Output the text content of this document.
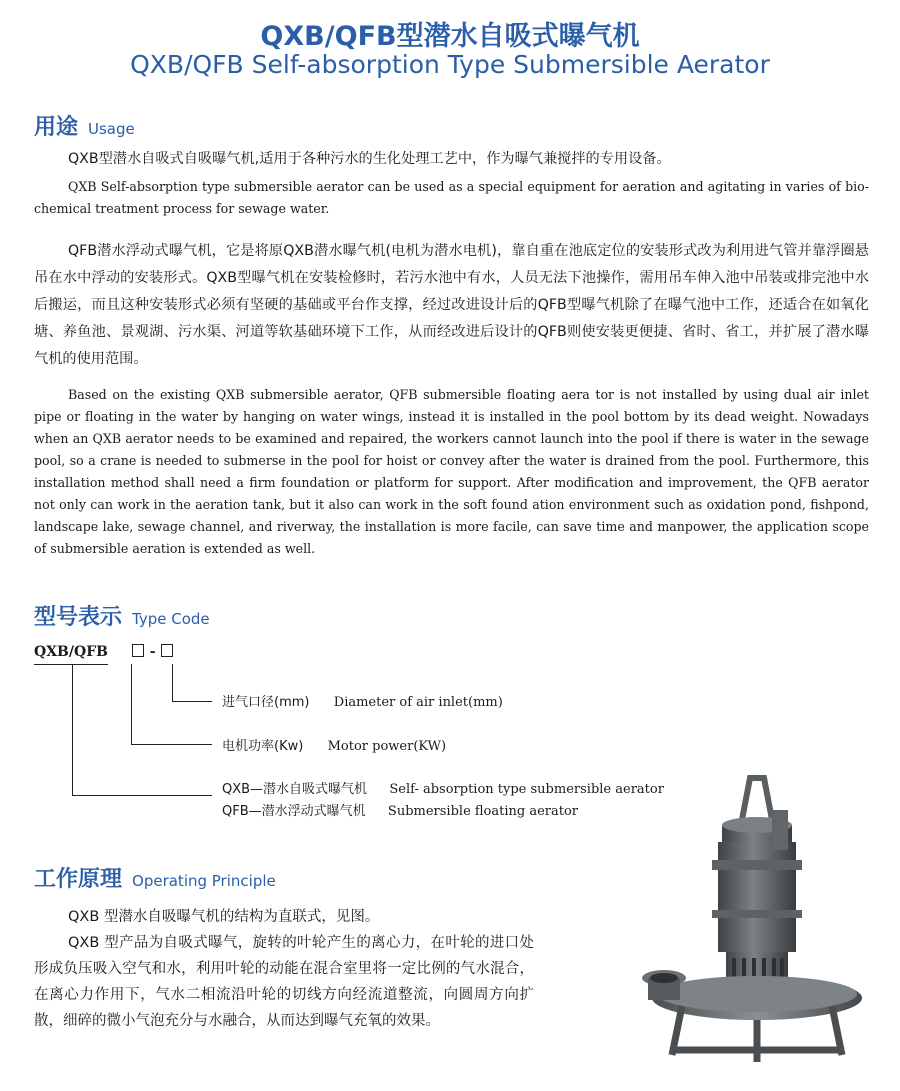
QXB/QFB型潜水自吸式曝气机
QXB/QFB Self-absorption Type Submersible Aerator
用途 Usage

QXB型潜水自吸式自吸曝气机,适用于各种污水的生化处理工艺中，作为曝气兼搅拌的专用设备。

QXB Self-absorption type submersible aerator can be used as a special equipment for aeration and agitating in varies of bio-chemical treatment process for sewage water.

QFB潜水浮动式曝气机，它是将原QXB潜水曝气机(电机为潜水电机)，靠自重在池底定位的安装形式改为利用进气管并靠浮圈悬吊在水中浮动的安装形式。QXB型曝气机在安装检修时，若污水池中有水，人员无法下池操作，需用吊车伸入池中吊装或排完池中水后搬运，而且这种安装形式必须有坚硬的基础或平台作支撑，经过改进设计后的QFB型曝气机除了在曝气池中工作，还适合在如氧化塘、养鱼池、景观湖、污水渠、河道等软基础环境下工作，从而经改进后设计的QFB则使安装更便捷、省时、省工，并扩展了潜水曝气机的使用范围。

Based on the existing QXB submersible aerator, QFB submersible floating aera tor is not installed by using dual air inlet pipe or floating in the water by hanging on water wings, instead it is installed in the pool bottom by its dead weight. Nowadays when an QXB aerator needs to be examined and repaired, the workers cannot launch into the pool if there is water in the sewage pool, so a crane is needed to submerse in the pool for hoist or convey after the water is drained from the pool. Furthermore, this installation method shall need a firm foundation or platform for support. After modification and improvement, the QFB aerator not only can work in the aeration tank, but it also can work in the soft found ation environment such as oxidation pond, fishpond, landscape lake, sewage channel, and riverway, the installation is more facile, can save time and manpower, the application scope of submersible aeration is extended as well.

型号表示 Type Code
QXB/QFB	-
进气口径(mm) Diameter of air inlet(mm)
电机功率(Kw) Motor power(KW)
QXB—潜水自吸式曝气机 Self- absorption type submersible aerator
QFB—潜水浮动式曝气机 Submersible floating aerator
工作原理 Operating Principle

QXB 型潜水自吸曝气机的结构为直联式，见图。

QXB 型产品为自吸式曝气，旋转的叶轮产生的离心力，在叶轮的进口处形成负压吸入空气和水，利用叶轮的动能在混合室里将一定比例的气水混合，在离心力作用下，气水二相流沿叶轮的切线方向经流道整流，向圆周方向扩散，细碎的微小气泡充分与水融合，从而达到曝气充氧的效果。
